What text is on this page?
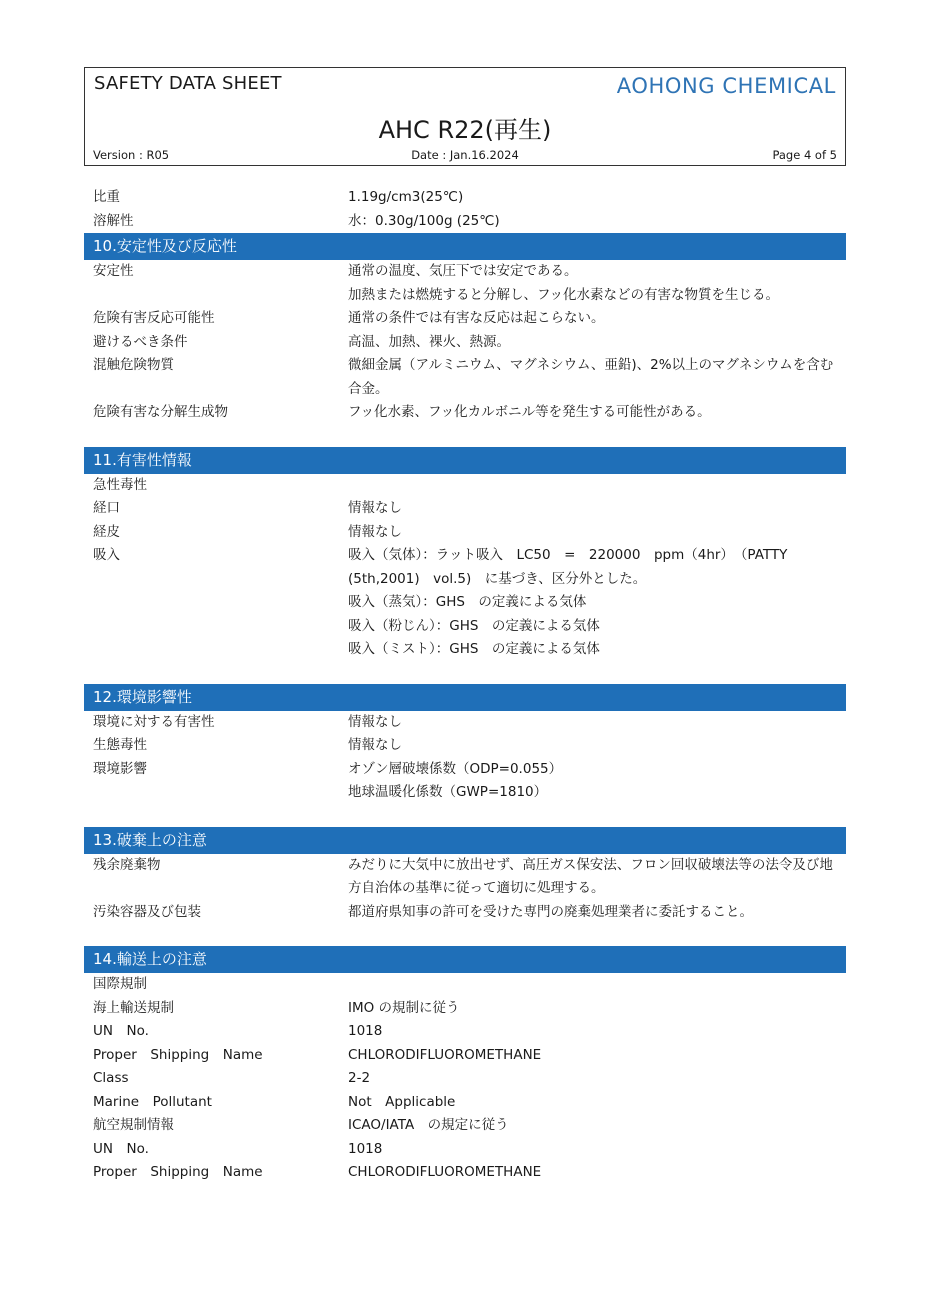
SAFETY DATA SHEET	AOHONG CHEMICAL
AHC R22(再生)
Version : R05	Date : Jan.16.2024	Page 4 of 5
比重	1.19g/cm3(25℃)
溶解性	水：0.30g/100g (25℃)
10.安定性及び反応性
安定性	通常の温度、気圧下では安定である。
加熱または燃焼すると分解し、フッ化水素などの有害な物質を生じる。
危険有害反応可能性	通常の条件では有害な反応は起こらない。
避けるべき条件	高温、加熱、裸火、熱源。
混触危険物質	微細金属（アルミニウム、マグネシウム、亜鉛)、2%以上のマグネシウムを含む合金。
危険有害な分解生成物	フッ化水素、フッ化カルボニル等を発生する可能性がある。
11.有害性情報
急性毒性
経口	情報なし
経皮	情報なし
吸入	吸入（気体）：ラット吸入　LC50　=　220000　ppm（4hr）　（PATTY　(5th,2001)　vol.5)　に基づき、区分外とした。
吸入（蒸気）：GHS　の定義による気体
吸入（粉じん）：GHS　の定義による気体
吸入（ミスト）：GHS　の定義による気体
12.環境影響性
環境に対する有害性	情報なし
生態毒性	情報なし
環境影響	オゾン層破壊係数（ODP=0.055）
地球温暖化係数（GWP=1810）
13.破棄上の注意
残余廃棄物	みだりに大気中に放出せず、高圧ガス保安法、フロン回収破壊法等の法令及び地方自治体の基準に従って適切に処理する。
汚染容器及び包装	都道府県知事の許可を受けた専門の廃棄処理業者に委託すること。
14.輸送上の注意
国際規制
海上輸送規制	IMO の規制に従う
UN　No.	1018
Proper　Shipping　Name	CHLORODIFLUOROMETHANE
Class	2-2
Marine　Pollutant	Not　Applicable
航空規制情報	ICAO/IATA　の規定に従う
UN　No.	1018
Proper　Shipping　Name	CHLORODIFLUOROMETHANE
